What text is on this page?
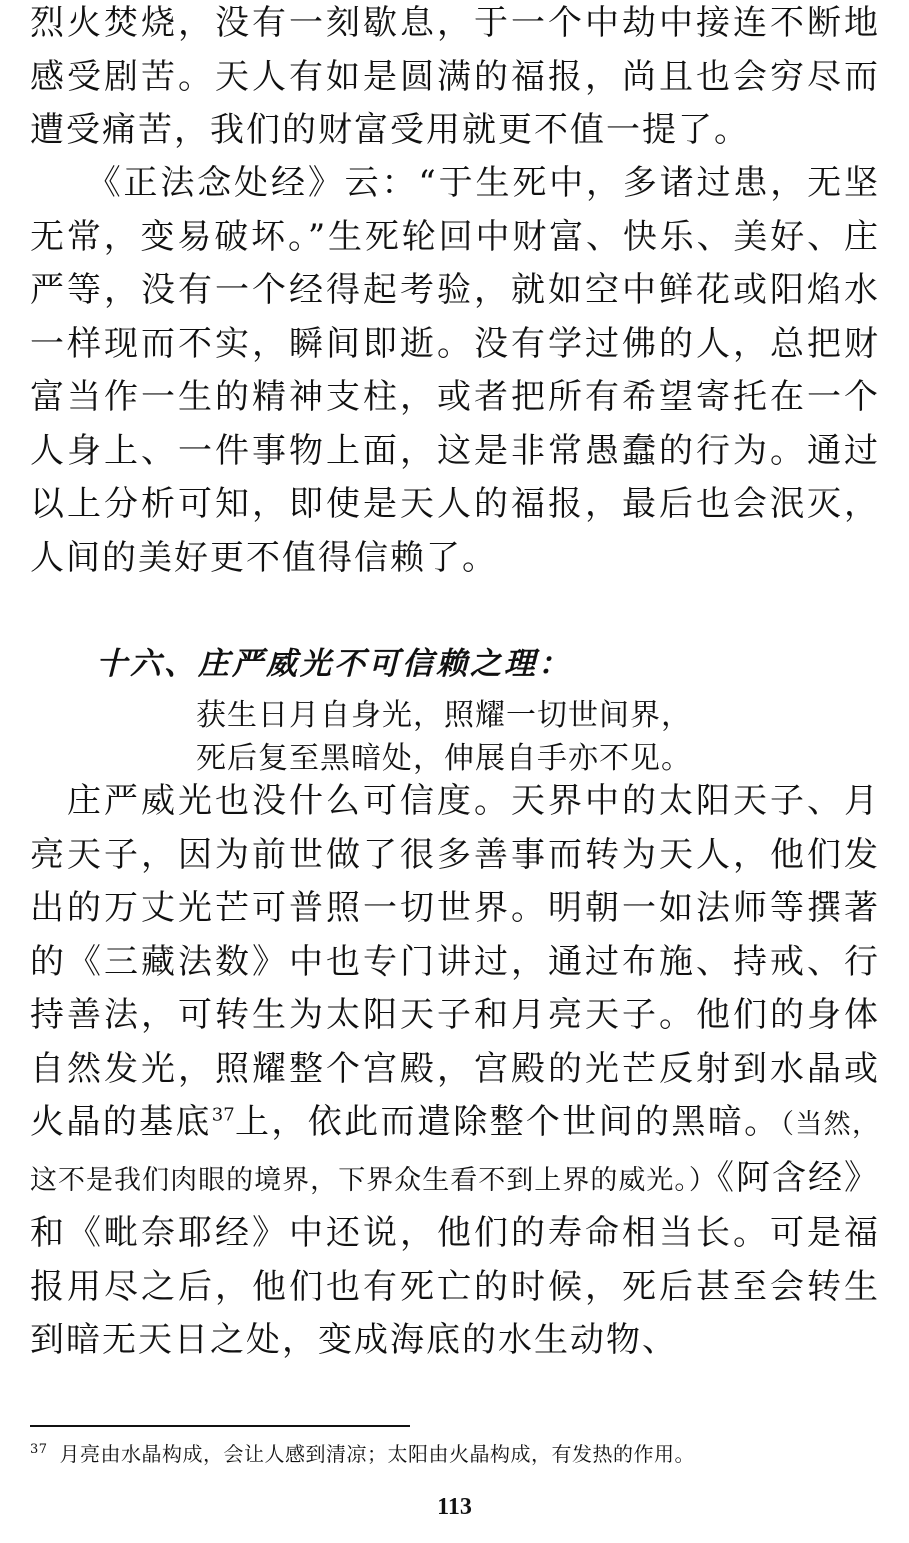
烈火焚烧，没有一刻歇息，于一个中劫中接连不断地感受剧苦。天人有如是圆满的福报，尚且也会穷尽而遭受痛苦，我们的财富受用就更不值一提了。

　　《正法念处经》云：“于生死中，多诸过患，无坚无常，变易破坏。”生死轮回中财富、快乐、美好、庄严等，没有一个经得起考验，就如空中鲜花或阳焰水一样现而不实，瞬间即逝。没有学过佛的人，总把财富当作一生的精神支柱，或者把所有希望寄托在一个人身上、一件事物上面，这是非常愚蠢的行为。通过以上分析可知，即使是天人的福报，最后也会泯灭，人间的美好更不值得信赖了。

十六、庄严威光不可信赖之理：

获生日月自身光，照耀一切世间界，

死后复至黑暗处，伸展自手亦不见。

　庄严威光也没什么可信度。天界中的太阳天子、月亮天子，因为前世做了很多善事而转为天人，他们发出的万丈光芒可普照一切世界。明朝一如法师等撰著的《三藏法数》中也专门讲过，通过布施、持戒、行持善法，可转生为太阳天子和月亮天子。他们的身体自然发光，照耀整个宫殿，宫殿的光芒反射到水晶或火晶的基底$^{37}$上，依此而遣除整个世间的黑暗。（当然，这不是我们肉眼的境界，下界众生看不到上界的威光。）《阿含经》和《毗奈耶经》中还说，他们的寿命相当长。可是福报用尽之后，他们也有死亡的时候，死后甚至会转生到暗无天日之处，变成海底的水生动物、

$^{37}$ 月亮由水晶构成，会让人感到清凉；太阳由火晶构成，有发热的作用。

113
